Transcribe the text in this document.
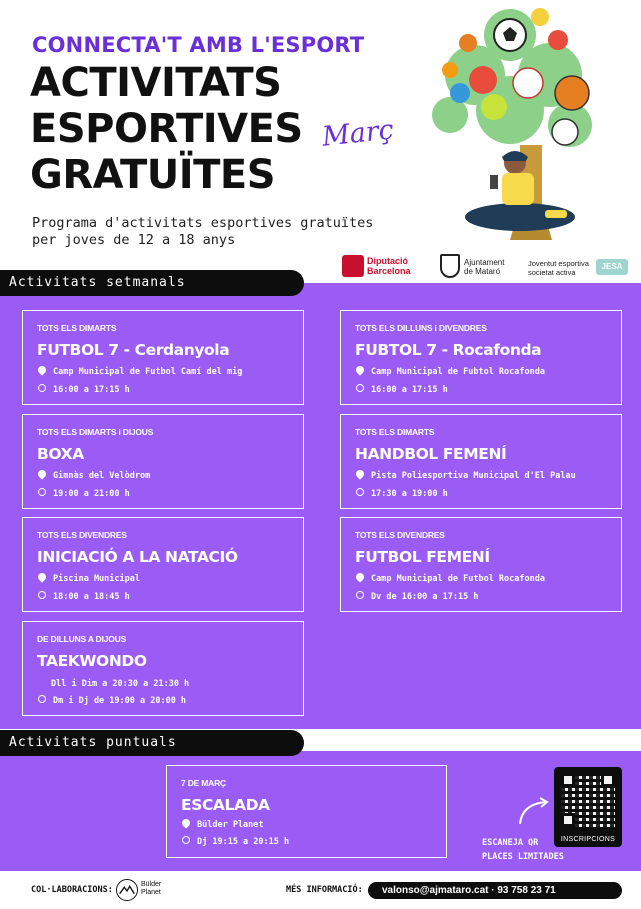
CONNECTA'T AMB L'ESPORT
ACTIVITATS
ESPORTIVES
GRATUÏTES
Març
Programa d'activitats esportives gratuïtes
per joves de 12 a 18 anys
Diputació
Barcelona
Ajuntament
de Mataró
Joventut esportiva
societat activa
JESA
Activitats setmanals
Activitats puntuals
TOTS ELS DIMARTS
FUTBOL 7 - Cerdanyola
Camp Municipal de Futbol Camí del mig
16:00 a 17:15 h
TOTS ELS DILLUNS i DIVENDRES
FUBTOL 7 - Rocafonda
Camp Municipal de Fubtol Rocafonda
16:00 a 17:15 h
TOTS ELS DIMARTS i DIJOUS
BOXA
Gimnàs del Velòdrom
19:00 a 21:00 h
TOTS ELS DIMARTS
HANDBOL FEMENÍ
Pista Poliesportiva Municipal d'El Palau
17:30 a 19:00 h
TOTS ELS DIVENDRES
INICIACIÓ A LA NATACIÓ
Piscina Municipal
18:00 a 18:45 h
TOTS ELS DIVENDRES
FUTBOL FEMENÍ
Camp Municipal de Futbol Rocafonda
Dv de 16:00 a 17:15 h
DE DILLUNS A DIJOUS
TAEKWONDO
Dll i Dim a 20:30 a 21:30 h
Dm i Dj de 19:00 a 20:00 h
7 DE MARÇ
ESCALADA
Bülder Planet
Dj 19:15 a 20:15 h	INSCRIPCIONS
ESCANEJA QR
PLACES LIMITADES
COL·LABORACIONS:
Bülder
Planet	MÉS INFORMACIÓ:	valonso@ajmataro.cat · 93 758 23 71
